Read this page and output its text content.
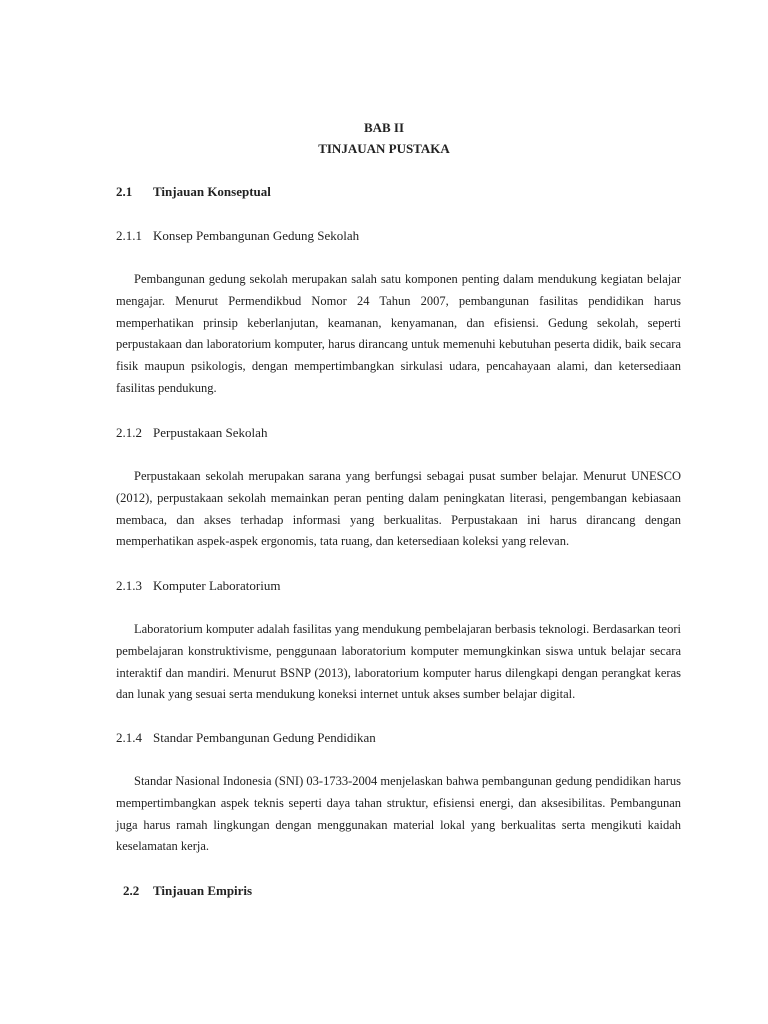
BAB II
TINJAUAN PUSTAKA
2.1 Tinjauan Konseptual
2.1.1 Konsep Pembangunan Gedung Sekolah

Pembangunan gedung sekolah merupakan salah satu komponen penting dalam mendukung kegiatan belajar mengajar. Menurut Permendikbud Nomor 24 Tahun 2007, pembangunan fasilitas pendidikan harus memperhatikan prinsip keberlanjutan, keamanan, kenyamanan, dan efisiensi. Gedung sekolah, seperti perpustakaan dan laboratorium komputer, harus dirancang untuk memenuhi kebutuhan peserta didik, baik secara fisik maupun psikologis, dengan mempertimbangkan sirkulasi udara, pencahayaan alami, dan ketersediaan fasilitas pendukung.

2.1.2 Perpustakaan Sekolah

Perpustakaan sekolah merupakan sarana yang berfungsi sebagai pusat sumber belajar. Menurut UNESCO (2012), perpustakaan sekolah memainkan peran penting dalam peningkatan literasi, pengembangan kebiasaan membaca, dan akses terhadap informasi yang berkualitas. Perpustakaan ini harus dirancang dengan memperhatikan aspek-aspek ergonomis, tata ruang, dan ketersediaan koleksi yang relevan.

2.1.3 Komputer Laboratorium

Laboratorium komputer adalah fasilitas yang mendukung pembelajaran berbasis teknologi. Berdasarkan teori pembelajaran konstruktivisme, penggunaan laboratorium komputer memungkinkan siswa untuk belajar secara interaktif dan mandiri. Menurut BSNP (2013), laboratorium komputer harus dilengkapi dengan perangkat keras dan lunak yang sesuai serta mendukung koneksi internet untuk akses sumber belajar digital.

2.1.4 Standar Pembangunan Gedung Pendidikan

Standar Nasional Indonesia (SNI) 03-1733-2004 menjelaskan bahwa pembangunan gedung pendidikan harus mempertimbangkan aspek teknis seperti daya tahan struktur, efisiensi energi, dan aksesibilitas. Pembangunan juga harus ramah lingkungan dengan menggunakan material lokal yang berkualitas serta mengikuti kaidah keselamatan kerja.

2.2 Tinjauan Empiris
